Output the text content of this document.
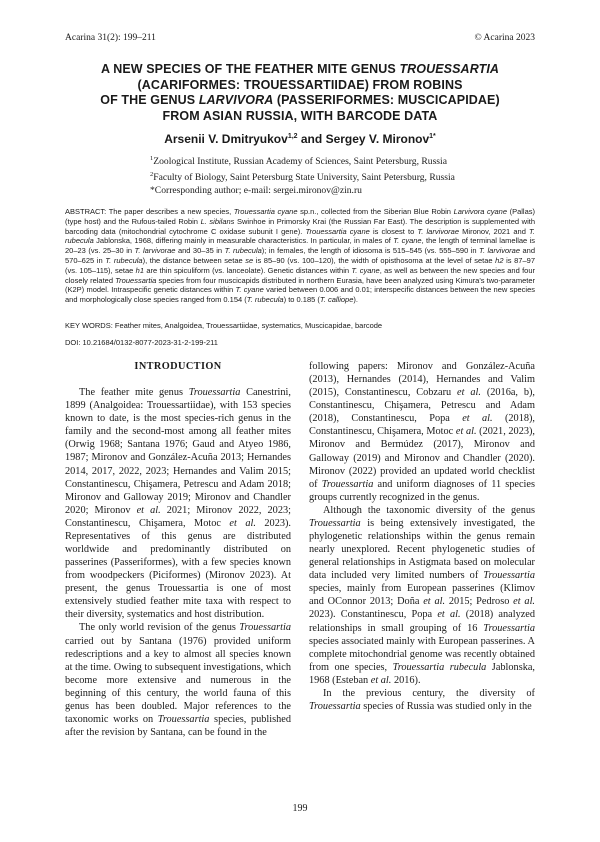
Acarina 31(2): 199–211	© Acarina 2023
A NEW SPECIES OF THE FEATHER MITE GENUS TROUESSARTIA
(ACARIFORMES: TROUESSARTIIDAE) FROM ROBINS
OF THE GENUS LARVIVORA (PASSERIFORMES: MUSCICAPIDAE)
FROM ASIAN RUSSIA, WITH BARCODE DATA
Arsenii V. Dmitryukov$^{1,2}$ and Sergey V. Mironov$^{1*}$
$^1$Zoological Institute, Russian Academy of Sciences, Saint Petersburg, Russia
$^2$Faculty of Biology, Saint Petersburg State University, Saint Petersburg, Russia
*Corresponding author; e-mail: sergei.mironov@zin.ru
ABSTRACT: The paper describes a new species, Trouessartia cyane sp.n., collected from the Siberian Blue Robin Larvivora cyane (Pallas) (type host) and the Rufous-tailed Robin L. sibilans Swinhoe in Primorsky Krai (the Russian Far East). The description is supplemented with barcoding data (mitochondrial cytochrome C oxidase subunit I gene). Trouessartia cyane is closest to T. larvivorae Mironov, 2021 and T. rubecula Jablonska, 1968, differing mainly in measurable characteristics. In particular, in males of T. cyane, the length of terminal lamellae is 20–23 (vs. 25–30 in T. larvivorae and 30–35 in T. rubecula); in females, the length of idiosoma is 515–545 (vs. 555–590 in T. larvivorae and 570–625 in T. rubecula), the distance between setae se is 85–90 (vs. 100–120), the width of opisthosoma at the level of setae h2 is 87–97 (vs. 105–115), setae h1 are thin spiculiform (vs. lanceolate). Genetic distances within T. cyane, as well as between the new species and four closely related Trouessartia species from four muscicapids distributed in northern Eurasia, have been analyzed using Kimura's two-parameter (K2P) model. Intraspecific genetic distances within T. cyane varied between 0.006 and 0.01; interspecific distances between the new species and morphologically close species ranged from 0.154 (T. rubecula) to 0.185 (T. calliope).
KEY WORDS: Feather mites, Analgoidea, Trouessartiidae, systematics, Muscicapidae, barcode
DOI: 10.21684/0132-8077-2023-31-2-199-211
INTRODUCTION

The feather mite genus Trouessartia Canestrini, 1899 (Analgoidea: Trouessartiidae), with 153 species known to date, is the most species-rich genus in the family and the second-most among all feather mites (Orwig 1968; Santana 1976; Gaud and Atyeo 1986, 1987; Mironov and González-Acuña 2013; Hernandes 2014, 2017, 2022, 2023; Hernandes and Valim 2015; Constantinescu, Chişamera, Petrescu and Adam 2018; Mironov and Galloway 2019; Mironov and Chandler 2020; Mironov et al. 2021; Mironov 2022, 2023; Constantinescu, Chişamera, Motoc et al. 2023). Representatives of this genus are distributed worldwide and predominantly distributed on passerines (Passeriformes), with a few species known from woodpeckers (Piciformes) (Mironov 2023). At present, the genus Trouessartia is one of most extensively studied feather mite taxa with respect to their diversity, systematics and host distribution.

The only world revision of the genus Trouessartia carried out by Santana (1976) provided uniform redescriptions and a key to almost all species known at the time. Owing to subsequent investigations, which become more extensive and numerous in the beginning of this century, the world fauna of this genus has been doubled. Major references to the taxonomic works on Trouessartia species, published after the revision by Santana, can be found in the

following papers: Mironov and González-Acuña (2013), Hernandes (2014), Hernandes and Valim (2015), Constantinescu, Cobzaru et al. (2016a, b), Constantinescu, Chişamera, Petrescu and Adam (2018), Constantinescu, Popa et al. (2018), Constantinescu, Chişamera, Motoc et al. (2021, 2023), Mironov and Bermúdez (2017), Mironov and Galloway (2019) and Mironov and Chandler (2020). Mironov (2022) provided an updated world checklist of Trouessartia and uniform diagnoses of 11 species groups currently recognized in the genus.

Although the taxonomic diversity of the genus Trouessartia is being extensively investigated, the phylogenetic relationships within the genus remain nearly unexplored. Recent phylogenetic studies of general relationships in Astigmata based on molecular data included very limited numbers of Trouessartia species, mainly from European passerines (Klimov and OConnor 2013; Doña et al. 2015; Pedroso et al. 2023). Constantinescu, Popa et al. (2018) analyzed relationships in small grouping of 16 Trouessartia species associated mainly with European passerines. A complete mitochondrial genome was recently obtained from one species, Trouessartia rubecula Jablonska, 1968 (Esteban et al. 2016).

In the previous century, the diversity of Trouessartia species of Russia was studied only in the

199
